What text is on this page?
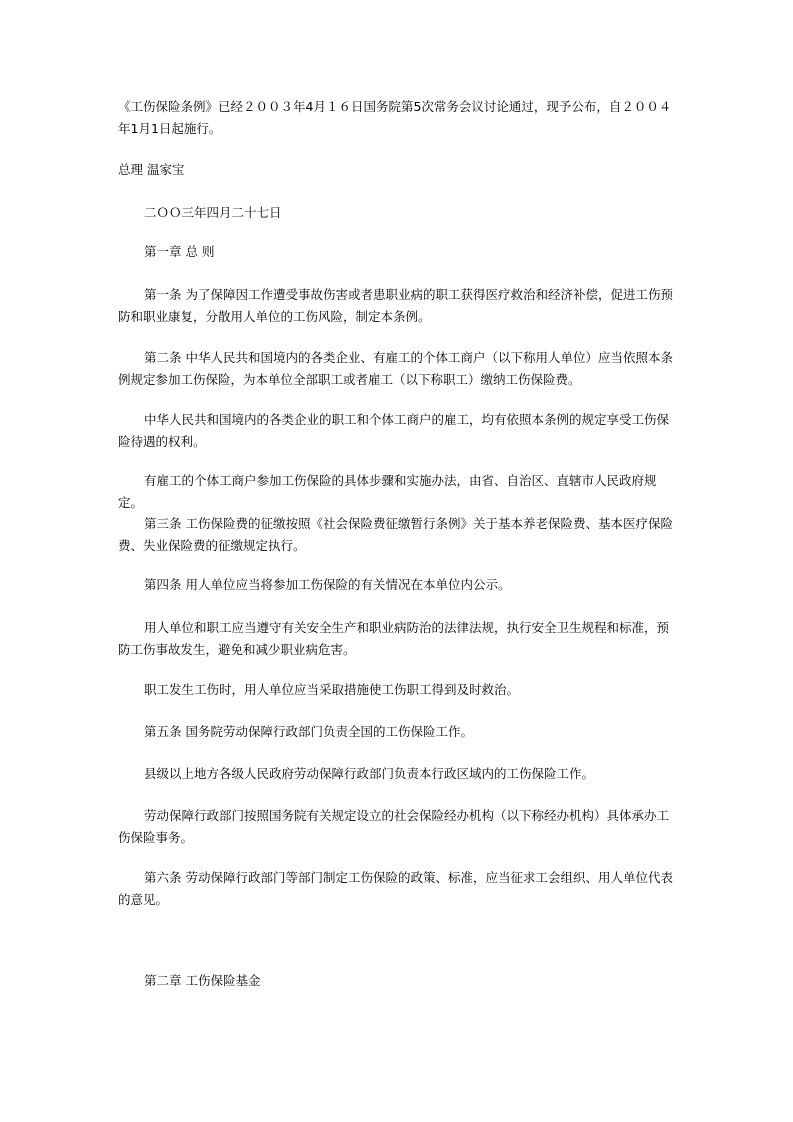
《工伤保险条例》已经２００３年4月１６日国务院第5次常务会议讨论通过，现予公布，自２００４年1月1日起施行。

总理 温家宝

二ＯＯ三年四月二十七日

第一章 总 则

第一条 为了保障因工作遭受事故伤害或者患职业病的职工获得医疗救治和经济补偿，促进工伤预防和职业康复，分散用人单位的工伤风险，制定本条例。

第二条 中华人民共和国境内的各类企业、有雇工的个体工商户（以下称用人单位）应当依照本条例规定参加工伤保险，为本单位全部职工或者雇工（以下称职工）缴纳工伤保险费。

中华人民共和国境内的各类企业的职工和个体工商户的雇工，均有依照本条例的规定享受工伤保险待遇的权利。

有雇工的个体工商户参加工伤保险的具体步骤和实施办法，由省、自治区、直辖市人民政府规定。

第三条 工伤保险费的征缴按照《社会保险费征缴暂行条例》关于基本养老保险费、基本医疗保险费、失业保险费的征缴规定执行。

第四条 用人单位应当将参加工伤保险的有关情况在本单位内公示。

用人单位和职工应当遵守有关安全生产和职业病防治的法律法规，执行安全卫生规程和标准，预防工伤事故发生，避免和减少职业病危害。

职工发生工伤时，用人单位应当采取措施使工伤职工得到及时救治。

第五条 国务院劳动保障行政部门负责全国的工伤保险工作。

县级以上地方各级人民政府劳动保障行政部门负责本行政区域内的工伤保险工作。

劳动保障行政部门按照国务院有关规定设立的社会保险经办机构（以下称经办机构）具体承办工伤保险事务。

第六条 劳动保障行政部门等部门制定工伤保险的政策、标准，应当征求工会组织、用人单位代表的意见。

第二章 工伤保险基金
